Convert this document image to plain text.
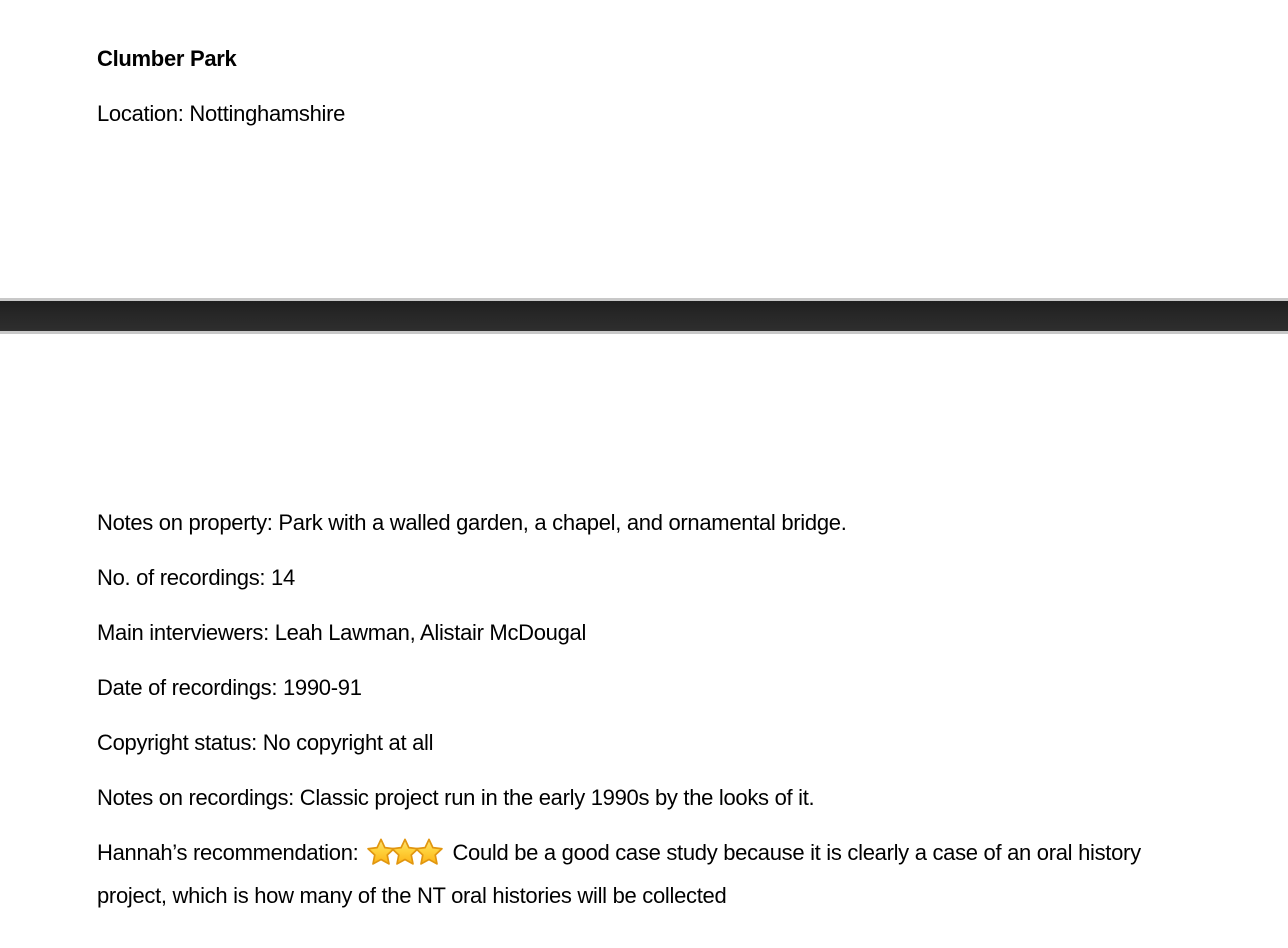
Clumber Park

Location: Nottinghamshire

Notes on property: Park with a walled garden, a chapel, and ornamental bridge.

No. of recordings: 14

Main interviewers: Leah Lawman, Alistair McDougal

Date of recordings: 1990-91

Copyright status: No copyright at all

Notes on recordings: Classic project run in the early 1990s by the looks of it.

Hannah’s recommendation:	Could be a good case study because it is clearly a case of an oral history project, which is how many of the NT oral histories will be collected
